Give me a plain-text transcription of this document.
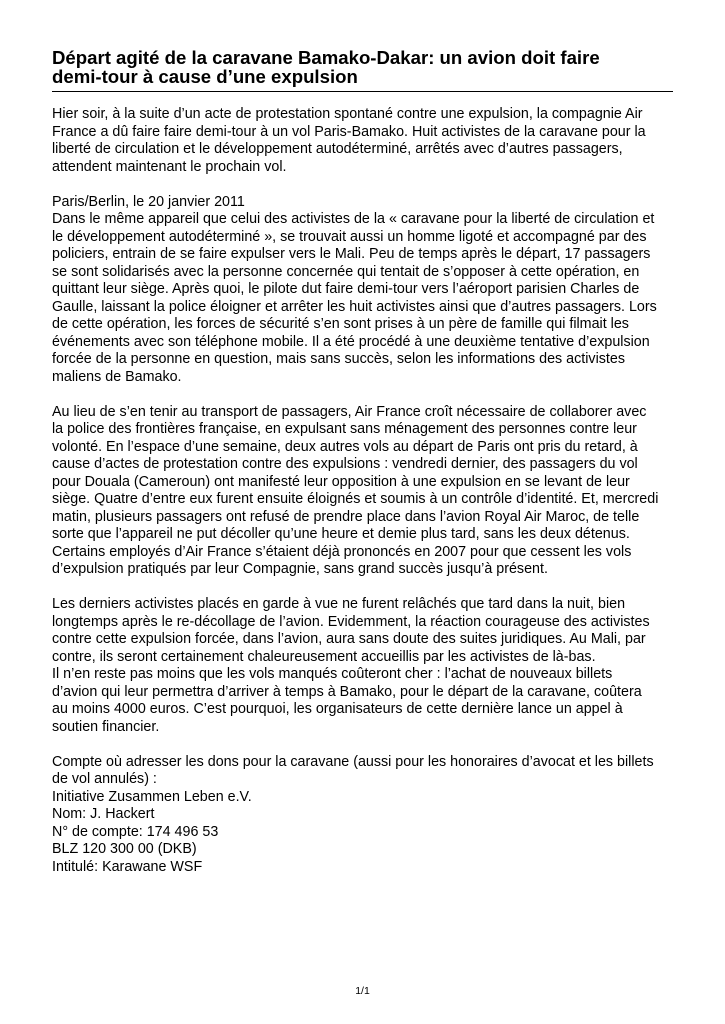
Départ agité de la caravane Bamako-Dakar: un avion doit faire
demi-tour à cause d’une expulsion

Hier soir, à la suite d’un acte de protestation spontané contre une expulsion, la compagnie Air
France a dû faire faire demi-tour à un vol Paris-Bamako. Huit activistes de la caravane pour la
liberté de circulation et le développement autodéterminé, arrêtés avec d’autres passagers,
attendent maintenant le prochain vol.

Paris/Berlin, le 20 janvier 2011
Dans le même appareil que celui des activistes de la « caravane pour la liberté de circulation et
le développement autodéterminé », se trouvait aussi un homme ligoté et accompagné par des
policiers, entrain de se faire expulser vers le Mali. Peu de temps après le départ, 17 passagers
se sont solidarisés avec la personne concernée qui tentait de s’opposer à cette opération, en
quittant leur siège. Après quoi, le pilote dut faire demi-tour vers l’aéroport parisien Charles de
Gaulle, laissant la police éloigner et arrêter les huit activistes ainsi que d’autres passagers. Lors
de cette opération, les forces de sécurité s’en sont prises à un père de famille qui filmait les
événements avec son téléphone mobile. Il a été procédé à une deuxième tentative d’expulsion
forcée de la personne en question, mais sans succès, selon les informations des activistes
maliens de Bamako.

Au lieu de s’en tenir au transport de passagers, Air France croît nécessaire de collaborer avec
la police des frontières française, en expulsant sans ménagement des personnes contre leur
volonté. En l’espace d’une semaine, deux autres vols au départ de Paris ont pris du retard, à
cause d’actes de protestation contre des expulsions : vendredi dernier, des passagers du vol
pour Douala (Cameroun) ont manifesté leur opposition à une expulsion en se levant de leur
siège. Quatre d’entre eux furent ensuite éloignés et soumis à un contrôle d’identité. Et, mercredi
matin, plusieurs passagers ont refusé de prendre place dans l’avion Royal Air Maroc, de telle
sorte que l’appareil ne put décoller qu’une heure et demie plus tard, sans les deux détenus.
Certains employés d’Air France s’étaient déjà prononcés en 2007 pour que cessent les vols
d’expulsion pratiqués par leur Compagnie, sans grand succès jusqu’à présent.

Les derniers activistes placés en garde à vue ne furent relâchés que tard dans la nuit, bien
longtemps après le re-décollage de l’avion. Evidemment, la réaction courageuse des activistes
contre cette expulsion forcée, dans l’avion, aura sans doute des suites juridiques. Au Mali, par
contre, ils seront certainement chaleureusement accueillis par les activistes de là-bas.
Il n’en reste pas moins que les vols manqués coûteront cher : l’achat de nouveaux billets
d’avion qui leur permettra d’arriver à temps à Bamako, pour le départ de la caravane, coûtera
au moins 4000 euros. C’est pourquoi, les organisateurs de cette dernière lance un appel à
soutien financier.

Compte où adresser les dons pour la caravane (aussi pour les honoraires d’avocat et les billets
de vol annulés) :
Initiative Zusammen Leben e.V.
Nom: J. Hackert
N° de compte: 174 496 53
BLZ 120 300 00 (DKB)
Intitulé: Karawane WSF

1/1
